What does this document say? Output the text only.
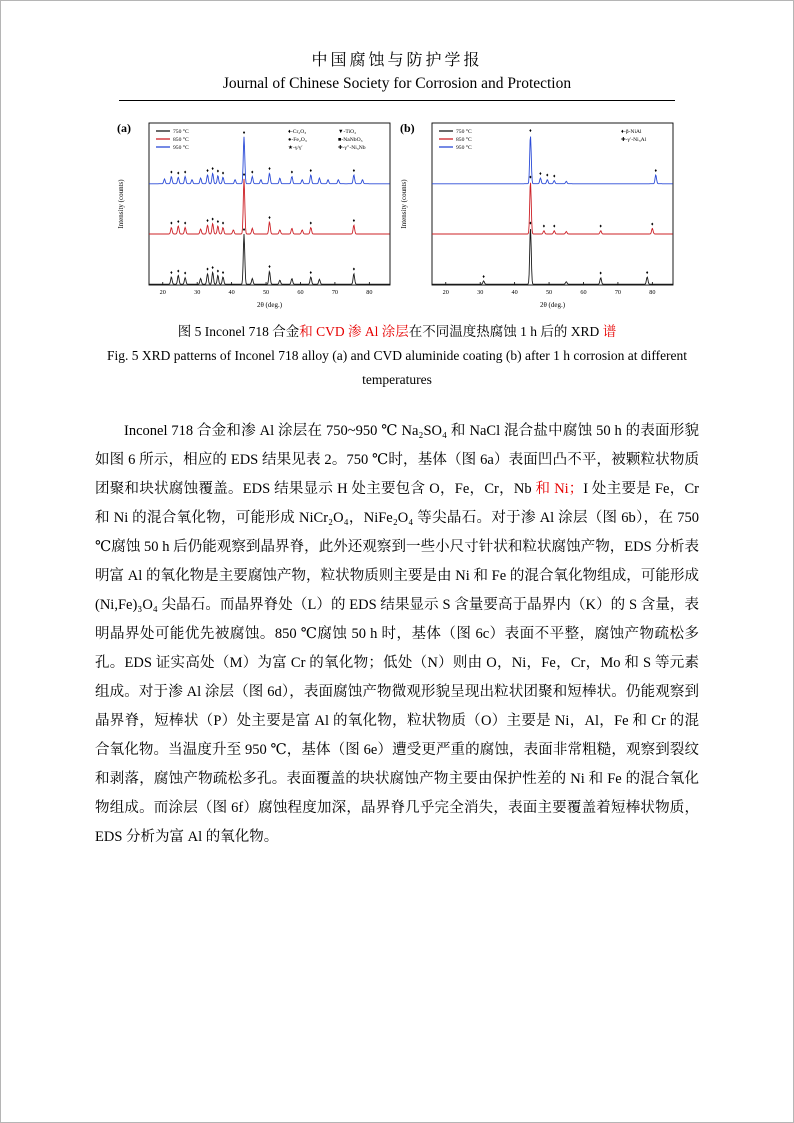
中国腐蚀与防护学报
Journal of Chinese Society for Corrosion and Protection
20	30	40	50	60	70	80
2θ (deg.)
Intensity (counts)
♦ ♦ ♦
♦ ♦
♦ ♦
♦
♦
♦
♦
♦ ♦ ♦	♦ ♦ ♦ ♦
♦
♦
♦	♦
♦ ♦ ♦	♦ ♦ ♦ ♦
♦
♦
♦
♦	♦	♦
750 °C
850 °C
950 °C
♦-Cr₂O₃	▼-TiO₂
●-Fe₂O₃	■-NaNbO₃
★-γ/γ′	✚-γ″-Ni₃Nb
(a)
20	30	40	50	60	70	80
2θ (deg.)
Intensity (counts)
♦
♦
♦	♦
♦
♦ ♦	♦	♦
♦
♦ ♦ ♦
♦
750 °C
850 °C
950 °C
♦-β-NiAl
✚-γ′-Ni₃Al
(b)
图 5 Inconel 718 合金和 CVD 渗 Al 涂层在不同温度热腐蚀 1 h 后的 XRD 谱
Fig. 5 XRD patterns of Inconel 718 alloy (a) and CVD aluminide coating (b) after 1 h corrosion at different temperatures

Inconel 718 合金和渗 Al 涂层在 750~950 ℃ Na₂SO₄ 和 NaCl 混合盐中腐蚀 50 h 的表面形貌如图 6 所示，相应的 EDS 结果见表 2。750 ℃时，基体（图 6a）表面凹凸不平，被颗粒状物质团聚和块状腐蚀覆盖。EDS 结果显示 H 处主要包含 O，Fe，Cr，Nb 和 Ni；I 处主要是 Fe，Cr 和 Ni 的混合氧化物，可能形成 NiCr₂O₄，NiFe₂O₄ 等尖晶石。对于渗 Al 涂层（图 6b），在 750 ℃腐蚀 50 h 后仍能观察到晶界脊，此外还观察到一些小尺寸针状和粒状腐蚀产物，EDS 分析表明富 Al 的氧化物是主要腐蚀产物，粒状物质则主要是由 Ni 和 Fe 的混合氧化物组成，可能形成(Ni,Fe)₃O₄ 尖晶石。而晶界脊处（L）的 EDS 结果显示 S 含量要高于晶界内（K）的 S 含量，表明晶界处可能优先被腐蚀。850 ℃腐蚀 50 h 时，基体（图 6c）表面不平整，腐蚀产物疏松多孔。EDS 证实高处（M）为富 Cr 的氧化物；低处（N）则由 O，Ni，Fe，Cr，Mo 和 S 等元素组成。对于渗 Al 涂层（图 6d），表面腐蚀产物微观形貌呈现出粒状团聚和短棒状。仍能观察到晶界脊，短棒状（P）处主要是富 Al 的氧化物，粒状物质（O）主要是 Ni，Al，Fe 和 Cr 的混合氧化物。当温度升至 950 ℃，基体（图 6e）遭受更严重的腐蚀，表面非常粗糙，观察到裂纹和剥落，腐蚀产物疏松多孔。表面覆盖的块状腐蚀产物主要由保护性差的 Ni 和 Fe 的混合氧化物组成。而涂层（图 6f）腐蚀程度加深，晶界脊几乎完全消失，表面主要覆盖着短棒状物质，EDS 分析为富 Al 的氧化物。
